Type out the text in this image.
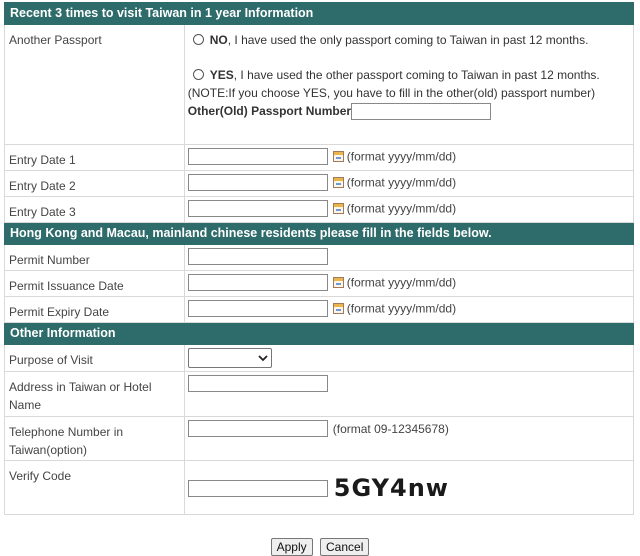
Recent 3 times to visit Taiwan in 1 year Information	
Another Passport	NO, I have used the only passport coming to Taiwan in past 12 months.
YES, I have used the other passport coming to Taiwan in past 12 months.
(NOTE:If you choose YES, you have to fill in the other(old) passport number)
Other(Old) Passport Number

Entry Date 1	(format yyyy/mm/dd)
Entry Date 2	(format yyyy/mm/dd)
Entry Date 3	(format yyyy/mm/dd)
Hong Kong and Macau, mainland chinese residents please fill in the fields below.	
Permit Number	
Permit Issuance Date	(format yyyy/mm/dd)
Permit Expiry Date	(format yyyy/mm/dd)
Other Information	
Purpose of Visit	

Address in Taiwan or Hotel Name	
Telephone Number in Taiwan(option)	(format 09-12345678)
Verify Code	5GY4nw
Apply Cancel
